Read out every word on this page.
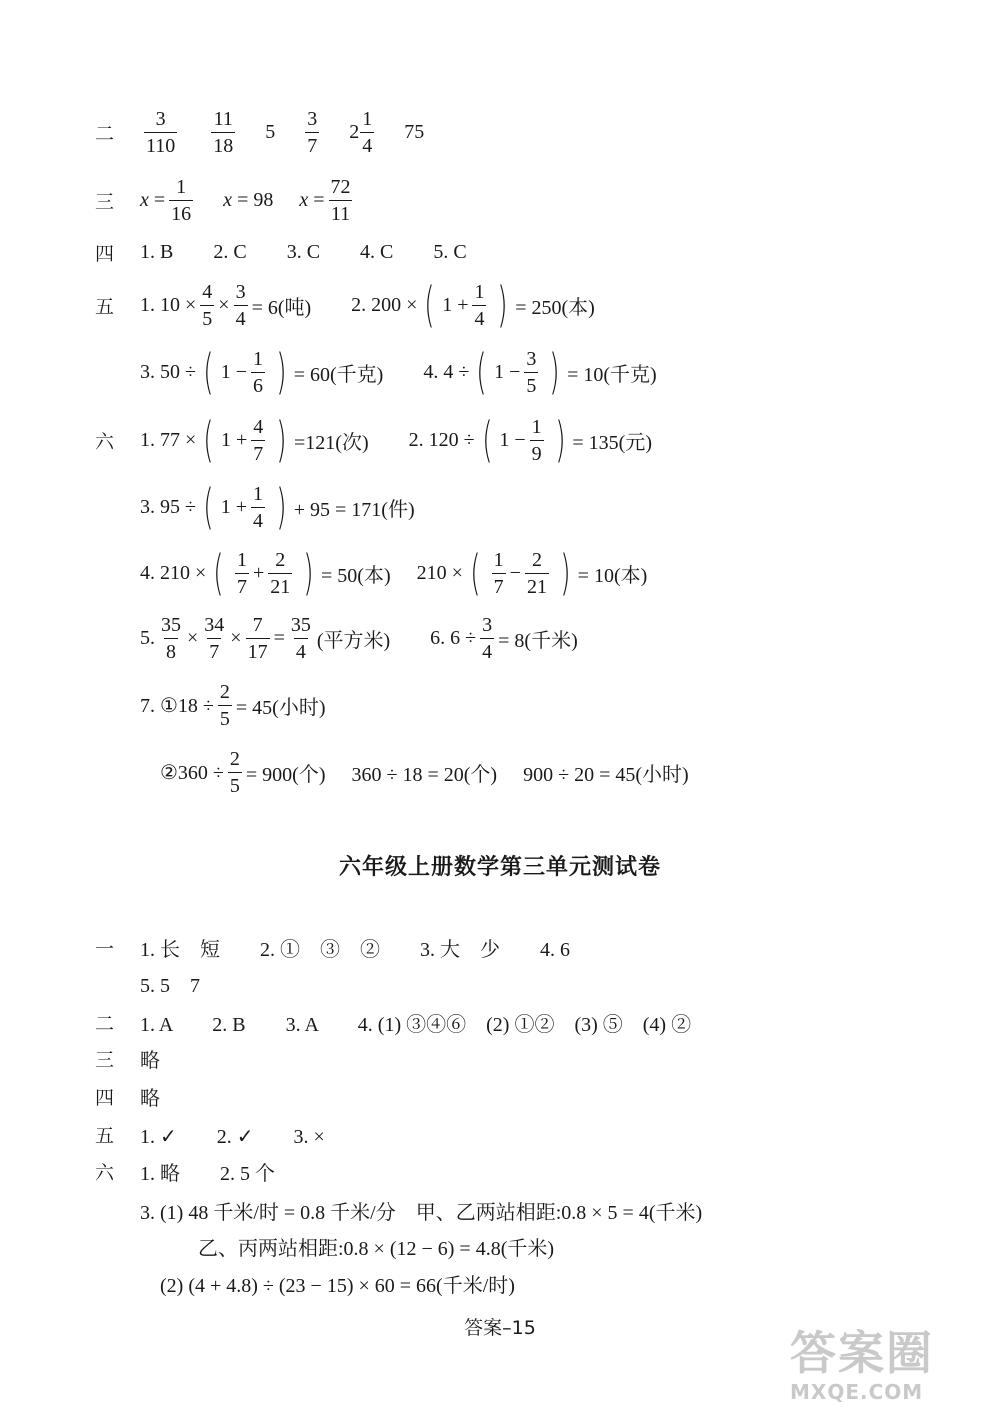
二 $\frac{3}{110} \frac{11}{18} 5 \frac{3}{7} 2 \frac{1}{4} 75$
三 x
= $\frac{1}{16}$ x
=
98 x
= $\frac{72}{11}$
四 1. B 2. C 3. C 4. C 5. C
五 1. $10 \times \frac{4}{5} \times \frac{3}{4} = 6$(吨) 2. 200 × ( $1 + \frac{1}{4}$ ) = 250(本)
3. 50 ÷ ( $1 - \frac{1}{6}$ ) = 60(千克) 4. 4 ÷ ( $1 - \frac{3}{5}$ ) = 10(千克)
六 1. 77 × ( $1 + \frac{4}{7}$ ) =121(次) 2. 120 ÷ ( $1 - \frac{1}{9}$ ) = 135(元)
3. 95 ÷ ( $1 + \frac{1}{4}$ ) + 95 = 171(件)
4. 210 × ( $\frac{1}{7} + \frac{2}{21}$ ) = 50(本) 210 × ( $\frac{1}{7} - \frac{2}{21}$ ) = 10(本)
5. $\frac{35}{8} \times \frac{34}{7} \times \frac{7}{17} = \frac{35}{4}$ (平方米) 6. $6 \div \frac{3}{4} = 8$(千米)
7. ①18 ÷ $\frac{2}{5} = 45$(小时)
②360 ÷ $\frac{2}{5} = 900$(个) 360 ÷ 18 = 20(个) 900 ÷ 20 = 45(小时)
六年级上册数学第三单元测试卷
一 1. 长　短　　2. ①　③　②　　3. 大　少　　4. 6
5. 5　7
二 1. A　　2. B　　3. A　　4. (1) ③④⑥　(2) ①②　(3) ⑤　(4) ②
三 略
四 略
五 1. ✓　　2. ✓　　3. ×
六 1. 略　　2. 5 个
3. (1) 48 千米/时 = 0.8 千米/分　甲、乙两站相距:0.8 × 5 = 4(千米)
乙、丙两站相距:0.8 × (12 − 6) = 4.8(千米)
(2) (4 + 4.8) ÷ (23 − 15) × 60 = 66(千米/时)
答案–15	答案圈
MXQE.COM
